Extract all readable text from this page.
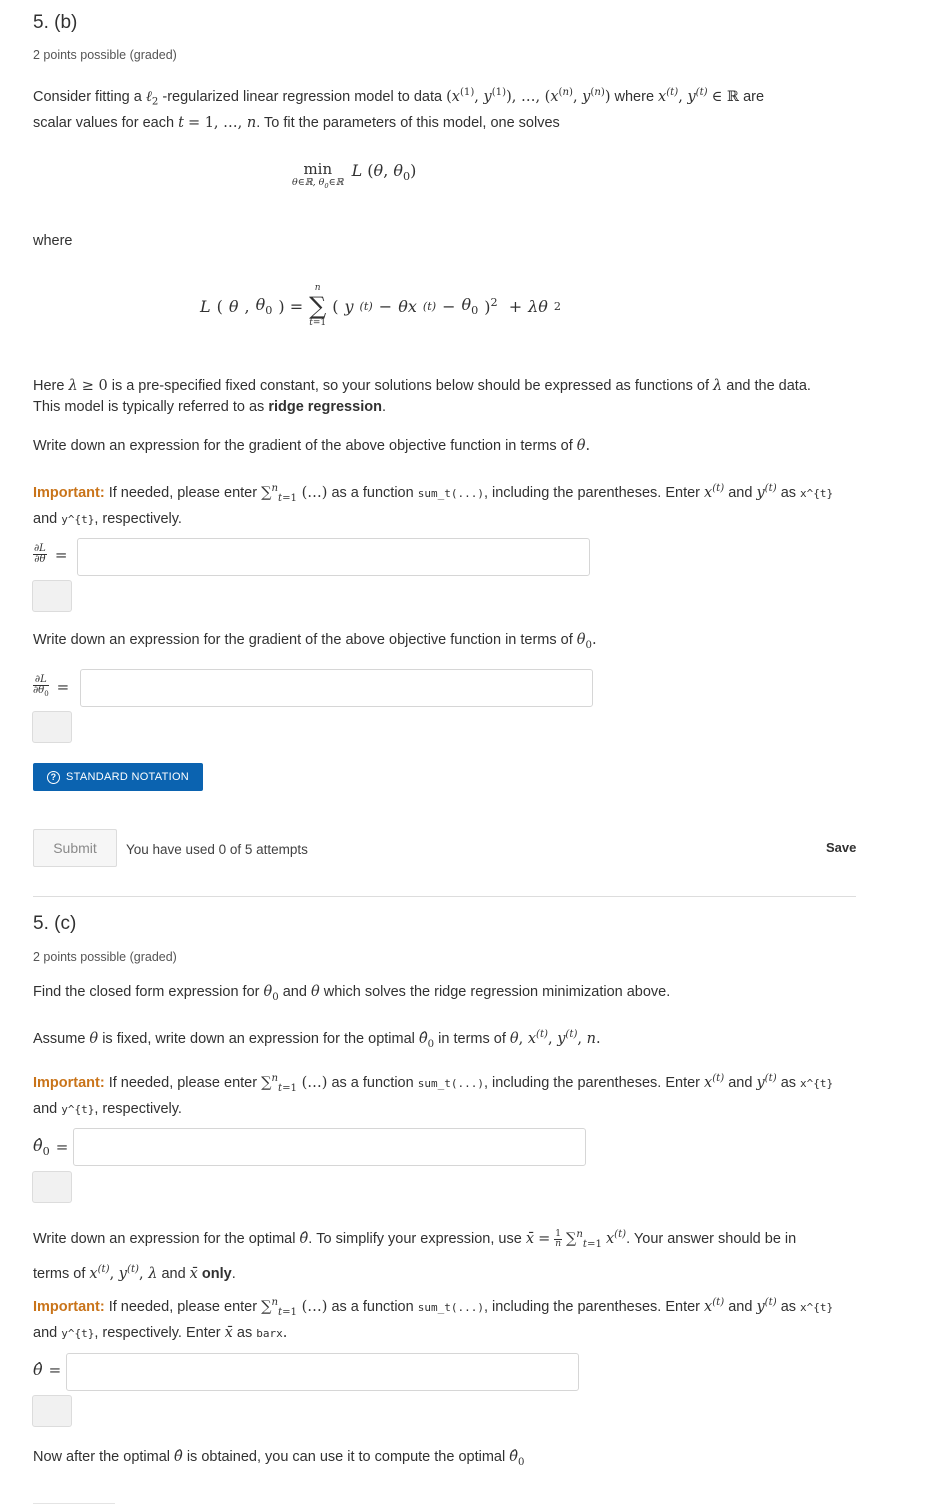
5. (b)
2 points possible (graded)
Consider fitting a ℓ$_2$ -regularized linear regression model to data ($x^{(1)}$, $y^{(1)}$), …, ($x^{(n)}$, $y^{(n)}$) where $x^{(t)}$, $y^{(t)}$ ∈ ℝ are
scalar values for each t = 1, …, n. To fit the parameters of this model, one solves
min
θ∈ℝ, $\theta_0\in ℝ$
L (θ, $\theta_0$)
where
L ( θ , $\theta_0$ ) =
n
∑
t=1
( y (t) − θx $(t) - \theta_0$ )$^2$ + λθ 2
Here λ ≥ 0 is a pre-specified fixed constant, so your solutions below should be expressed as functions of λ and the data.
This model is typically referred to as ridge regression.
Write down an expression for the gradient of the above objective function in terms of θ.
Important: If needed, please enter ∑$^n_{t=1}$ (…) as a function sum_t(...), including the parentheses. Enter $x^{(t)}$ and $y^{(t)}$ as x^{t}
and y^{t}, respectively.
$\frac{\partial L}{\partial\theta}$ =
Write down an expression for the gradient of the above objective function in terms of $\theta_0$.
$\frac{\partial L}{\partial\theta_0}$ =
? STANDARD NOTATION
Submit	You have used 0 of 5 attempts	Save
5. (c)
2 points possible (graded)
Find the closed form expression for $\theta_0$ and θ which solves the ridge regression minimization above.
Assume θ is fixed, write down an expression for the optimal $\thetâ_0$ in terms of θ, $x^{(t)}$, $y^{(t)}$, n.
Important: If needed, please enter ∑$^n_{t=1}$ (…) as a function sum_t(...), including the parentheses. Enter $x^{(t)}$ and $y^{(t)}$ as x^{t}
and y^{t}, respectively.
$\thetâ_0$ =
Write down an expression for the optimal θ̂. To simplify your expression, use x̄ = $\frac{1}{n} \sum^n_{t=1}$ $x^{(t)}$. Your answer should be in
terms of $x^{(t)}$, $y^{(t)}$, λ and x̄ only.
Important: If needed, please enter ∑$^n_{t=1}$ (…) as a function sum_t(...), including the parentheses. Enter $x^{(t)}$ and $y^{(t)}$ as x^{t}
and y^{t}, respectively. Enter x̄ as barx.
θ̂ =
Now after the optimal θ̂ is obtained, you can use it to compute the optimal $\thetâ_0$
